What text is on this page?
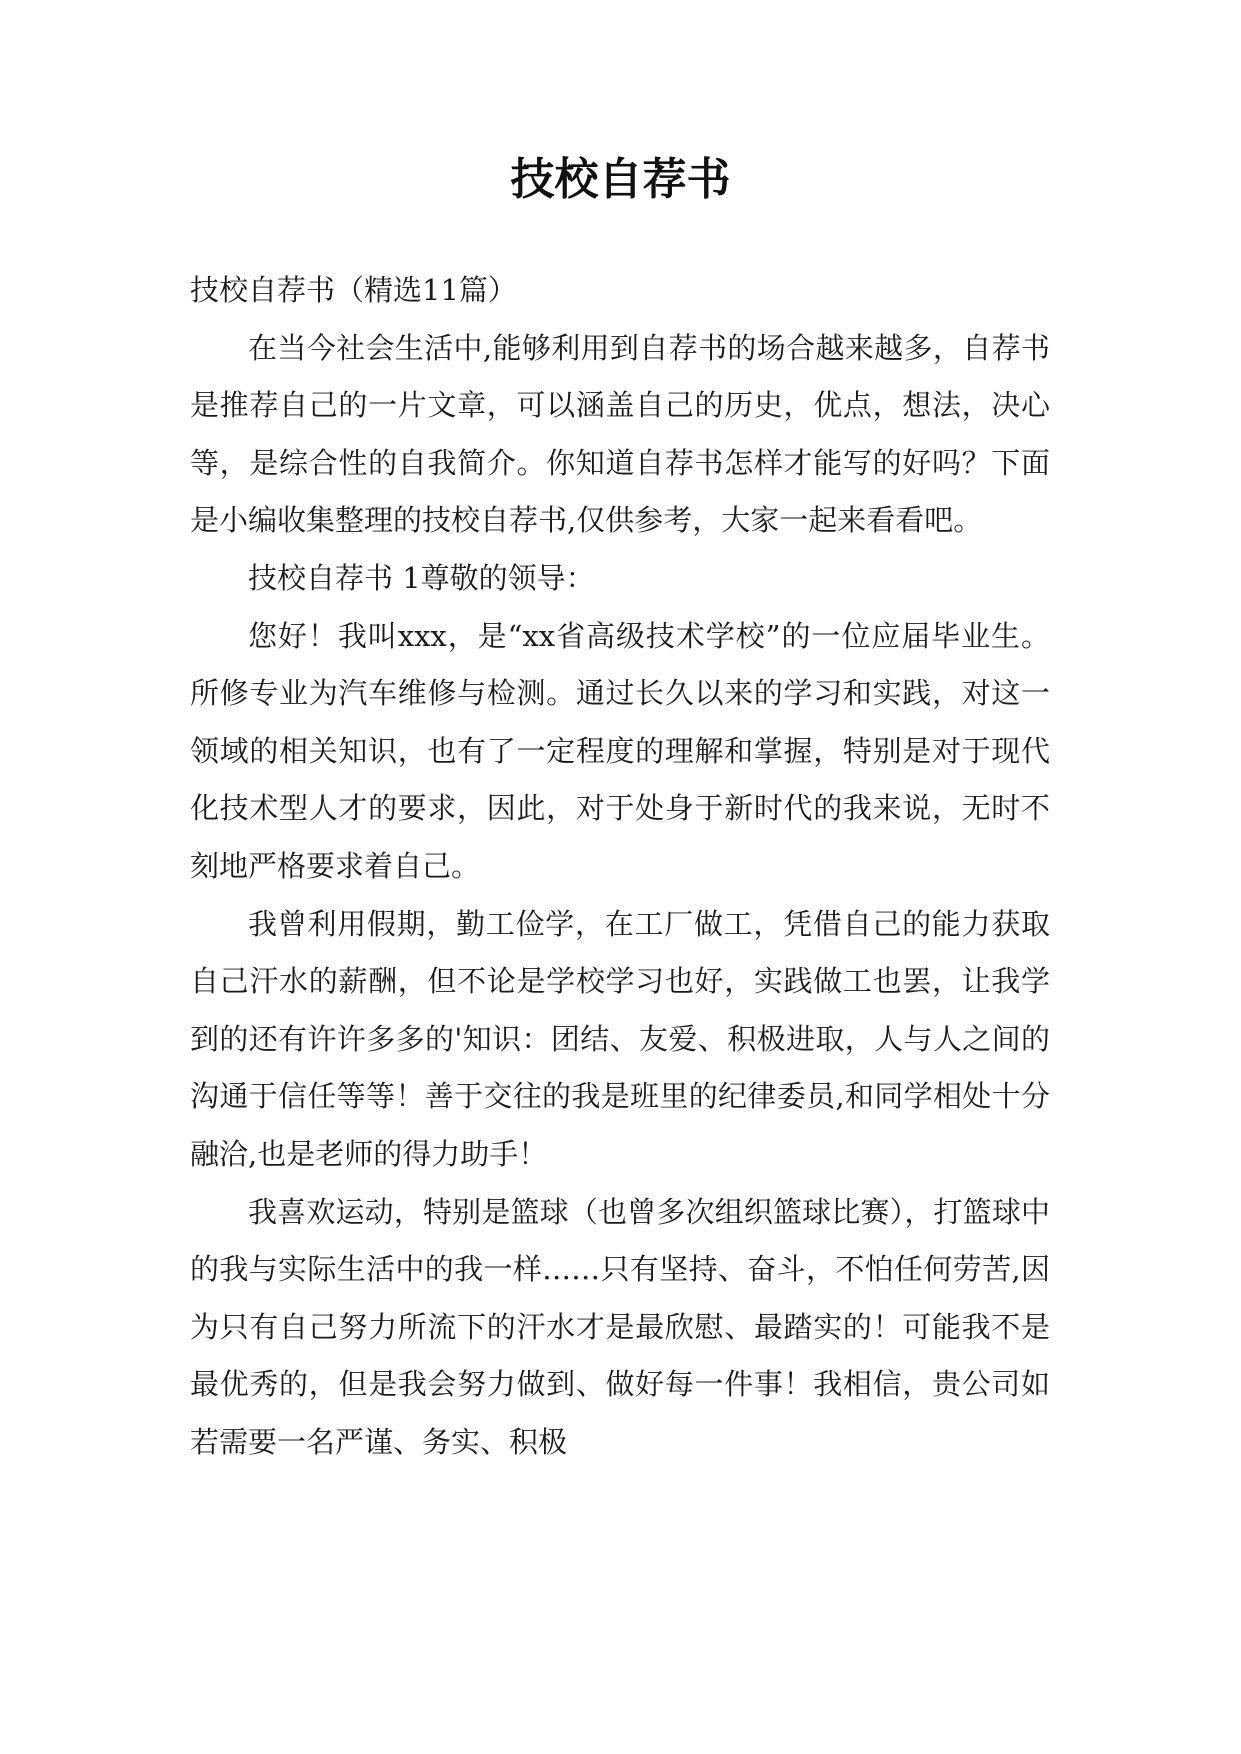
技校自荐书

技校自荐书（精选11篇）

在当今社会生活中,能够利用到自荐书的场合越来越多，自荐书是推荐自己的一片文章，可以涵盖自己的历史，优点，想法，决心等，是综合性的自我简介。你知道自荐书怎样才能写的好吗？下面是小编收集整理的技校自荐书,仅供参考，大家一起来看看吧。

技校自荐书 1尊敬的领导：

您好！我叫xxx，是“xx省高级技术学校”的一位应届毕业生。所修专业为汽车维修与检测。通过长久以来的学习和实践，对这一领域的相关知识，也有了一定程度的理解和掌握，特别是对于现代化技术型人才的要求，因此，对于处身于新时代的我来说，无时不刻地严格要求着自己。

我曾利用假期，勤工俭学，在工厂做工，凭借自己的能力获取自己汗水的薪酬，但不论是学校学习也好，实践做工也罢，让我学到的还有许许多多的'知识：团结、友爱、积极进取，人与人之间的沟通于信任等等！善于交往的我是班里的纪律委员,和同学相处十分融洽,也是老师的得力助手！

我喜欢运动，特别是篮球（也曾多次组织篮球比赛），打篮球中的我与实际生活中的我一样……只有坚持、奋斗，不怕任何劳苦,因为只有自己努力所流下的汗水才是最欣慰、最踏实的！可能我不是最优秀的，但是我会努力做到、做好每一件事！我相信，贵公司如若需要一名严谨、务实、积极
